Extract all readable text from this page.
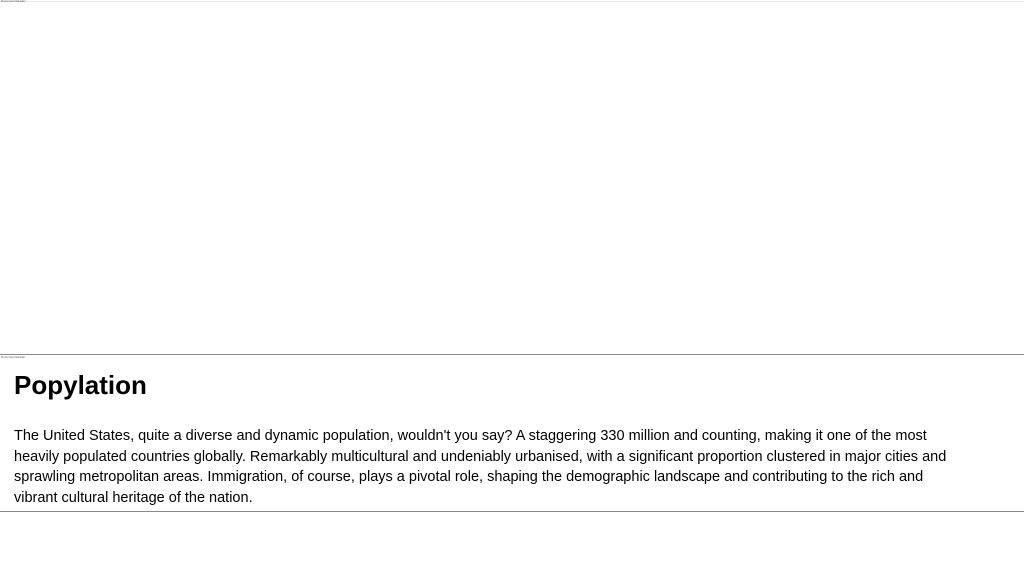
Document Reader
Document Reader
Popylation

The United States, quite a diverse and dynamic population, wouldn't you say? A staggering 330 million and counting, making it one of the most heavily populated countries globally. Remarkably multicultural and undeniably urbanised, with a significant proportion clustered in major cities and sprawling metropolitan areas. Immigration, of course, plays a pivotal role, shaping the demographic landscape and contributing to the rich and vibrant cultural heritage of the nation.
